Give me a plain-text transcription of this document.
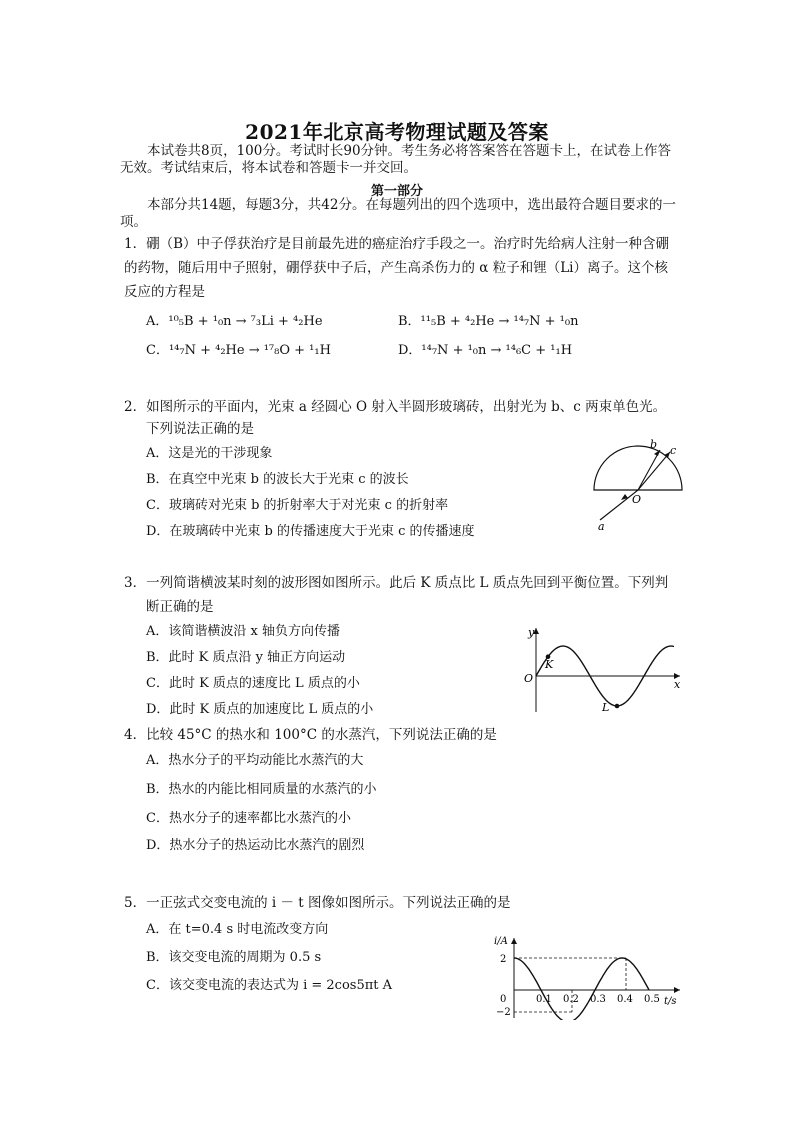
2021年北京高考物理试题及答案
本试卷共8页，100分。考试时长90分钟。考生务必将答案答在答题卡上，在试卷上作答无效。考试结束后，将本试卷和答题卡一并交回。
第一部分
本部分共14题，每题3分，共42分。在每题列出的四个选项中，选出最符合题目要求的一项。
1．硼（B）中子俘获治疗是目前最先进的癌症治疗手段之一。治疗时先给病人注射一种含硼的药物，随后用中子照射，硼俘获中子后，产生高杀伤力的 α 粒子和锂（Li）离子。这个核反应的方程是
A．¹⁰₅B + ¹₀n → ⁷₃Li + ⁴₂He	B．¹¹₅B + ⁴₂He → ¹⁴₇N + ¹₀n
C．¹⁴₇N + ⁴₂He → ¹⁷₈O + ¹₁H	D．¹⁴₇N + ¹₀n → ¹⁴₆C + ¹₁H
2．如图所示的平面内，光束 a 经圆心 O 射入半圆形玻璃砖，出射光为 b、c 两束单色光。
下列说法正确的是
A．这是光的干涉现象
B．在真空中光束 b 的波长大于光束 c 的波长
C．玻璃砖对光束 b 的折射率大于对光束 c 的折射率
D．在玻璃砖中光束 b 的传播速度大于光束 c 的传播速度	a
b c
O
3．一列简谐横波某时刻的波形图如图所示。此后 K 质点比 L 质点先回到平衡位置。下列判
断正确的是
A．该简谐横波沿 x 轴负方向传播
B．此时 K 质点沿 y 轴正方向运动
C．此时 K 质点的速度比 L 质点的小
D．此时 K 质点的加速度比 L 质点的小
y
x
O
K
L
4．比较 45°C 的热水和 100°C 的水蒸汽，下列说法正确的是
A．热水分子的平均动能比水蒸汽的大
B．热水的内能比相同质量的水蒸汽的小
C．热水分子的速率都比水蒸汽的小
D．热水分子的热运动比水蒸汽的剧烈
5．一正弦式交变电流的 i － t 图像如图所示。下列说法正确的是
A．在 t=0.4 s 时电流改变方向
B．该交变电流的周期为 0.5 s
C．该交变电流的表达式为 i = 2cos5πt A
i/A
t/s
2
0
−2
0.1 0.2 0.3 0.4 0.5
